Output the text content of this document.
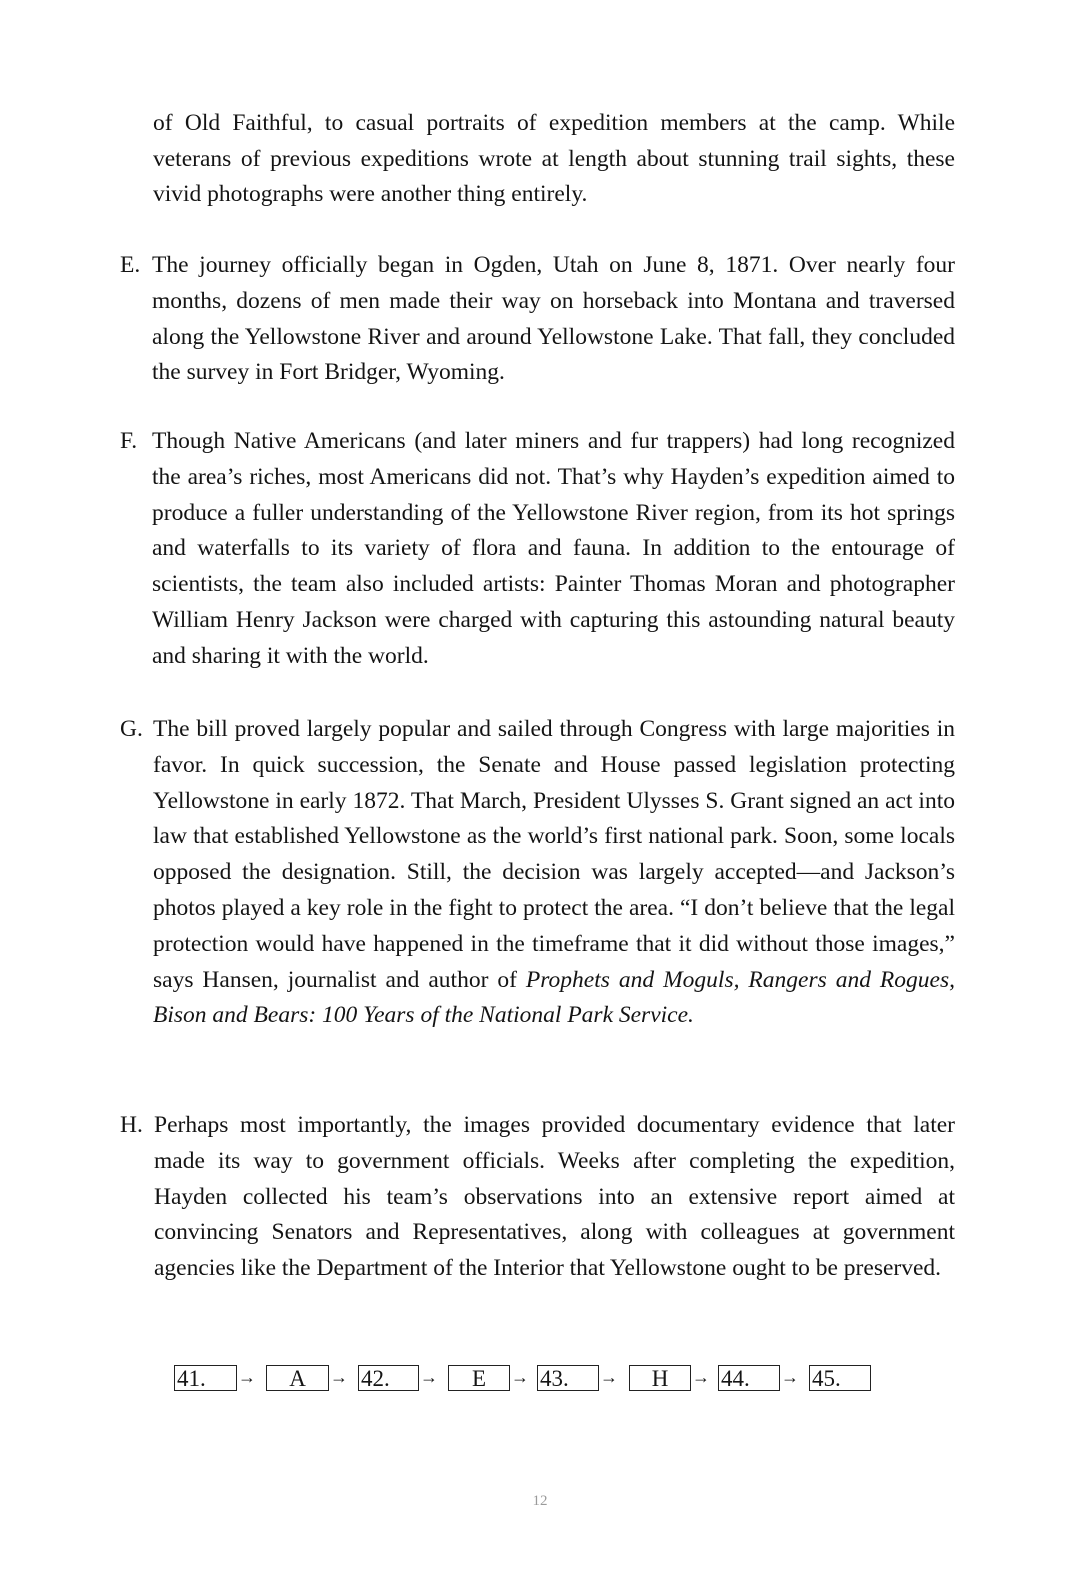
of Old Faithful, to casual portraits of expedition members at the camp. While veterans of previous expeditions wrote at length about stunning trail sights, these vivid photographs were another thing entirely.
E. The journey officially began in Ogden, Utah on June 8, 1871. Over nearly four months, dozens of men made their way on horseback into Montana and traversed along the Yellowstone River and around Yellowstone Lake. That fall, they concluded the survey in Fort Bridger, Wyoming.
F. Though Native Americans (and later miners and fur trappers) had long recognized the area’s riches, most Americans did not. That’s why Hayden’s expedition aimed to produce a fuller understanding of the Yellowstone River region, from its hot springs and waterfalls to its variety of flora and fauna. In addition to the entourage of scientists, the team also included artists: Painter Thomas Moran and photographer William Henry Jackson were charged with capturing this astounding natural beauty and sharing it with the world.
G. The bill proved largely popular and sailed through Congress with large majorities in favor. In quick succession, the Senate and House passed legislation protecting Yellowstone in early 1872. That March, President Ulysses S. Grant signed an act into law that established Yellowstone as the world’s first national park. Soon, some locals opposed the designation. Still, the decision was largely accepted—and Jackson’s photos played a key role in the fight to protect the area. “I don’t believe that the legal protection would have happened in the timeframe that it did without those images,” says Hansen, journalist and author of Prophets and Moguls, Rangers and Rogues, Bison and Bears: 100 Years of the National Park Service.
H. Perhaps most importantly, the images provided documentary evidence that later made its way to government officials. Weeks after completing the expedition, Hayden collected his team’s observations into an extensive report aimed at convincing Senators and Representatives, along with colleagues at government agencies like the Department of the Interior that Yellowstone ought to be preserved.
41.	→	A	→ 42.	→	E	→ 43.	→	H	→ 44.	→ 45.
12
